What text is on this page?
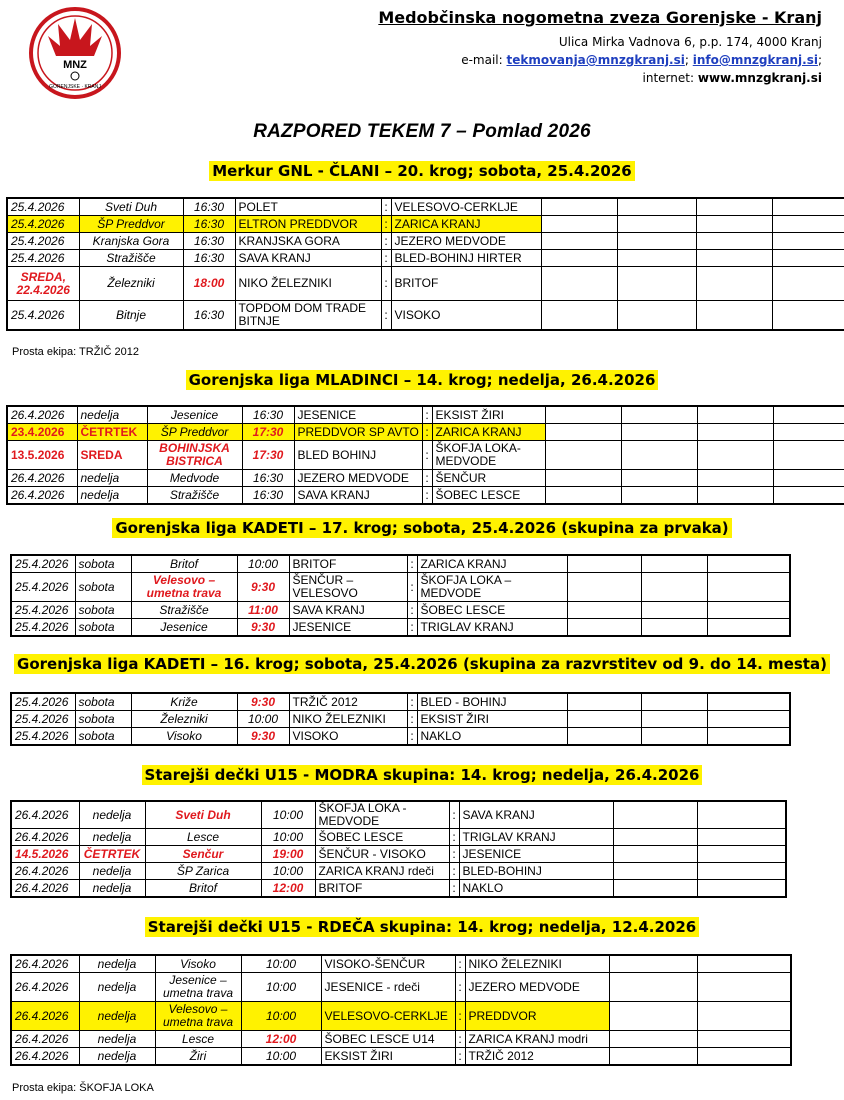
MNZ
GORENJSKE · KRANJ
Medobčinska nogometna zveza Gorenjske - Kranj
Ulica Mirka Vadnova 6, p.p. 174, 4000 Kranj
e-mail: tekmovanja@mnzgkranj.si; info@mnzgkranj.si;
internet: www.mnzgkranj.si
RAZPORED TEKEM 7 – Pomlad 2026
Merkur GNL - ČLANI – 20. krog; sobota, 25.4.2026
25.4.2026	Sveti Duh	16:30	POLET	:	VELESOVO-CERKLJE				
25.4.2026	ŠP Preddvor	16:30	ELTRON PREDDVOR	:	ZARICA KRANJ				
25.4.2026	Kranjska Gora	16:30	KRANJSKA GORA	:	JEZERO MEDVODE				
25.4.2026	Stražišče	16:30	SAVA KRANJ	:	BLED-BOHINJ HIRTER				
SREDA, 22.4.2026	Železniki	18:00	NIKO ŽELEZNIKI	:	BRITOF				
25.4.2026	Bitnje	16:30	TOPDOM DOM TRADE BITNJE	:	VISOKO				
Prosta ekipa: TRŽIČ 2012
Gorenjska liga MLADINCI – 14. krog; nedelja, 26.4.2026
26.4.2026	nedelja	Jesenice	16:30	JESENICE	:	EKSIST ŽIRI				
23.4.2026	ČETRTEK	ŠP Preddvor	17:30	PREDDVOR SP AVTO	:	ZARICA KRANJ				
13.5.2026	SREDA	BOHINJSKA BISTRICA	17:30	BLED BOHINJ	:	ŠKOFJA LOKA-MEDVODE				
26.4.2026	nedelja	Medvode	16:30	JEZERO MEDVODE	:	ŠENČUR				
26.4.2026	nedelja	Stražišče	16:30	SAVA KRANJ	:	ŠOBEC LESCE				
Gorenjska liga KADETI – 17. krog; sobota, 25.4.2026 (skupina za prvaka)
25.4.2026	sobota	Britof	10:00	BRITOF	:	ZARICA KRANJ			
25.4.2026	sobota	Velesovo – umetna trava	9:30	ŠENČUR – VELESOVO	:	ŠKOFJA LOKA – MEDVODE			
25.4.2026	sobota	Stražišče	11:00	SAVA KRANJ	:	ŠOBEC LESCE			
25.4.2026	sobota	Jesenice	9:30	JESENICE	:	TRIGLAV KRANJ			
Gorenjska liga KADETI – 16. krog; sobota, 25.4.2026 (skupina za razvrstitev od 9. do 14. mesta)
25.4.2026	sobota	Križe	9:30	TRŽIČ 2012	:	BLED - BOHINJ			
25.4.2026	sobota	Železniki	10:00	NIKO ŽELEZNIKI	:	EKSIST ŽIRI			
25.4.2026	sobota	Visoko	9:30	VISOKO	:	NAKLO			
Starejši dečki U15 - MODRA skupina: 14. krog; nedelja, 26.4.2026
26.4.2026	nedelja	Sveti Duh	10:00	ŠKOFJA LOKA - MEDVODE	:	SAVA KRANJ		
26.4.2026	nedelja	Lesce	10:00	ŠOBEC LESCE	:	TRIGLAV KRANJ		
14.5.2026	ČETRTEK	Senčur	19:00	ŠENČUR - VISOKO	:	JESENICE		
26.4.2026	nedelja	ŠP Zarica	10:00	ZARICA KRANJ rdeči	:	BLED-BOHINJ		
26.4.2026	nedelja	Britof	12:00	BRITOF	:	NAKLO		
Starejši dečki U15 - RDEČA skupina: 14. krog; nedelja, 12.4.2026
26.4.2026	nedelja	Visoko	10:00	VISOKO-ŠENČUR	:	NIKO ŽELEZNIKI		
26.4.2026	nedelja	Jesenice – umetna trava	10:00	JESENICE - rdeči	:	JEZERO MEDVODE		
26.4.2026	nedelja	Velesovo – umetna trava	10:00	VELESOVO-CERKLJE	:	PREDDVOR		
26.4.2026	nedelja	Lesce	12:00	ŠOBEC LESCE U14	:	ZARICA KRANJ modri		
26.4.2026	nedelja	Žiri	10:00	EKSIST ŽIRI	:	TRŽIČ 2012		
Prosta ekipa: ŠKOFJA LOKA
